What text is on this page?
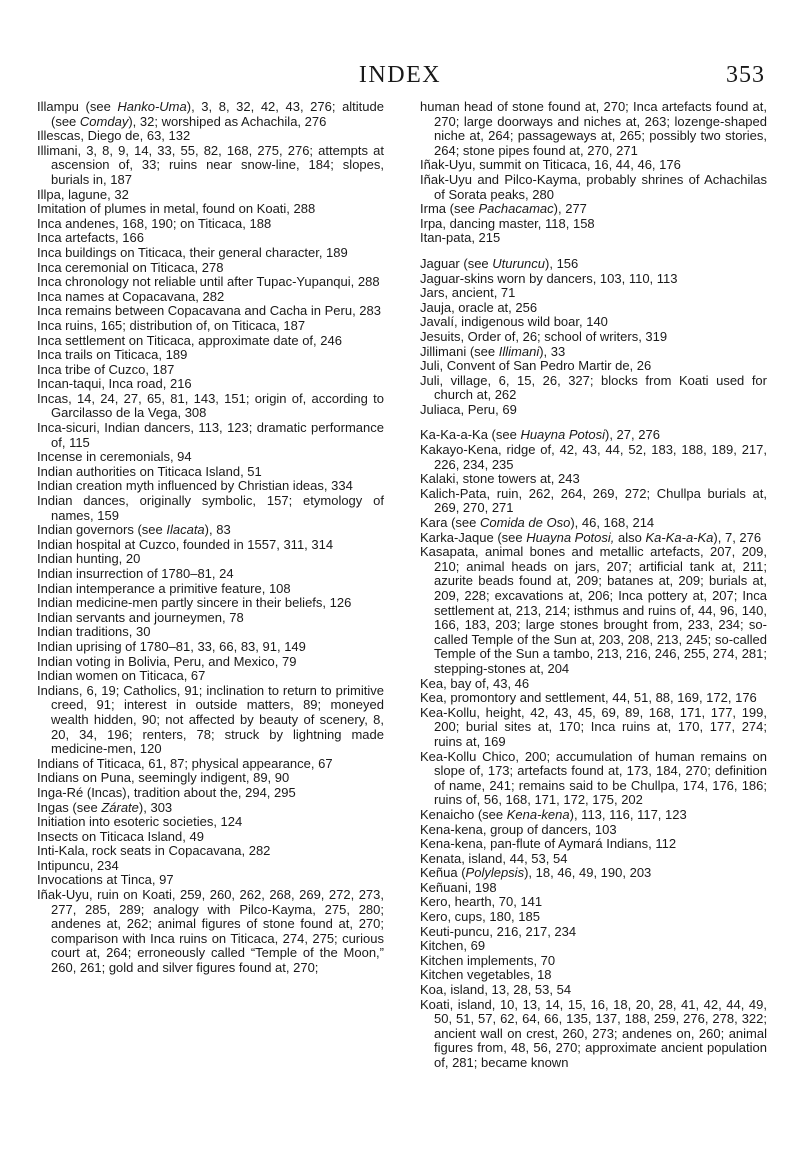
INDEX	353

Illampu (see Hanko-Uma), 3, 8, 32, 42, 43, 276; altitude (see Comday), 32; worshiped as Achachila, 276

Illescas, Diego de, 63, 132

Illimani, 3, 8, 9, 14, 33, 55, 82, 168, 275, 276; attempts at ascension of, 33; ruins near snow-line, 184; slopes, burials in, 187

Illpa, lagune, 32

Imitation of plumes in metal, found on Koati, 288

Inca andenes, 168, 190; on Titicaca, 188

Inca artefacts, 166

Inca buildings on Titicaca, their general character, 189

Inca ceremonial on Titicaca, 278

Inca chronology not reliable until after Tupac-Yupanqui, 288

Inca names at Copacavana, 282

Inca remains between Copacavana and Cacha in Peru, 283

Inca ruins, 165; distribution of, on Titicaca, 187

Inca settlement on Titicaca, approximate date of, 246

Inca trails on Titicaca, 189

Inca tribe of Cuzco, 187

Incan-taqui, Inca road, 216

Incas, 14, 24, 27, 65, 81, 143, 151; origin of, according to Garcilasso de la Vega, 308

Inca-sicuri, Indian dancers, 113, 123; dramatic performance of, 115

Incense in ceremonials, 94

Indian authorities on Titicaca Island, 51

Indian creation myth influenced by Christian ideas, 334

Indian dances, originally symbolic, 157; etymology of names, 159

Indian governors (see Ilacata), 83

Indian hospital at Cuzco, founded in 1557, 311, 314

Indian hunting, 20

Indian insurrection of 1780–81, 24

Indian intemperance a primitive feature, 108

Indian medicine-men partly sincere in their beliefs, 126

Indian servants and journeymen, 78

Indian traditions, 30

Indian uprising of 1780–81, 33, 66, 83, 91, 149

Indian voting in Bolivia, Peru, and Mexico, 79

Indian women on Titicaca, 67

Indians, 6, 19; Catholics, 91; inclination to return to primitive creed, 91; interest in outside matters, 89; moneyed wealth hidden, 90; not affected by beauty of scenery, 8, 20, 34, 196; renters, 78; struck by lightning made medicine-men, 120

Indians of Titicaca, 61, 87; physical appearance, 67

Indians on Puna, seemingly indigent, 89, 90

Inga-Ré (Incas), tradition about the, 294, 295

Ingas (see Zárate), 303

Initiation into esoteric societies, 124

Insects on Titicaca Island, 49

Inti-Kala, rock seats in Copacavana, 282

Intipuncu, 234

Invocations at Tinca, 97

Iñak-Uyu, ruin on Koati, 259, 260, 262, 268, 269, 272, 273, 277, 285, 289; analogy with Pilco-Kayma, 275, 280; andenes at, 262; animal figures of stone found at, 270; comparison with Inca ruins on Titicaca, 274, 275; curious court at, 264; erroneously called “Temple of the Moon,” 260, 261; gold and silver figures found at, 270;

human head of stone found at, 270; Inca artefacts found at, 270; large doorways and niches at, 263; lozenge-shaped niche at, 264; passageways at, 265; possibly two stories, 264; stone pipes found at, 270, 271

Iñak-Uyu, summit on Titicaca, 16, 44, 46, 176

Iñak-Uyu and Pilco-Kayma, probably shrines of Achachilas of Sorata peaks, 280

Irma (see Pachacamac), 277

Irpa, dancing master, 118, 158

Itan-pata, 215

Jaguar (see Uturuncu), 156

Jaguar-skins worn by dancers, 103, 110, 113

Jars, ancient, 71

Jauja, oracle at, 256

Javalí, indigenous wild boar, 140

Jesuits, Order of, 26; school of writers, 319

Jillimani (see Illimani), 33

Juli, Convent of San Pedro Martir de, 26

Juli, village, 6, 15, 26, 327; blocks from Koati used for church at, 262

Juliaca, Peru, 69

Ka-Ka-a-Ka (see Huayna Potosi), 27, 276

Kakayo-Kena, ridge of, 42, 43, 44, 52, 183, 188, 189, 217, 226, 234, 235

Kalaki, stone towers at, 243

Kalich-Pata, ruin, 262, 264, 269, 272; Chullpa burials at, 269, 270, 271

Kara (see Comida de Oso), 46, 168, 214

Karka-Jaque (see Huayna Potosi, also Ka-Ka-a-Ka), 7, 276

Kasapata, animal bones and metallic artefacts, 207, 209, 210; animal heads on jars, 207; artificial tank at, 211; azurite beads found at, 209; batanes at, 209; burials at, 209, 228; excavations at, 206; Inca pottery at, 207; Inca settlement at, 213, 214; isthmus and ruins of, 44, 96, 140, 166, 183, 203; large stones brought from, 233, 234; so-called Temple of the Sun at, 203, 208, 213, 245; so-called Temple of the Sun a tambo, 213, 216, 246, 255, 274, 281; stepping-stones at, 204

Kea, bay of, 43, 46

Kea, promontory and settlement, 44, 51, 88, 169, 172, 176

Kea-Kollu, height, 42, 43, 45, 69, 89, 168, 171, 177, 199, 200; burial sites at, 170; Inca ruins at, 170, 177, 274; ruins at, 169

Kea-Kollu Chico, 200; accumulation of human remains on slope of, 173; artefacts found at, 173, 184, 270; definition of name, 241; remains said to be Chullpa, 174, 176, 186; ruins of, 56, 168, 171, 172, 175, 202

Kenaicho (see Kena-kena), 113, 116, 117, 123

Kena-kena, group of dancers, 103

Kena-kena, pan-flute of Aymará Indians, 112

Kenata, island, 44, 53, 54

Keñua (Polylepsis), 18, 46, 49, 190, 203

Keñuani, 198

Kero, hearth, 70, 141

Kero, cups, 180, 185

Keuti-puncu, 216, 217, 234

Kitchen, 69

Kitchen implements, 70

Kitchen vegetables, 18

Koa, island, 13, 28, 53, 54

Koati, island, 10, 13, 14, 15, 16, 18, 20, 28, 41, 42, 44, 49, 50, 51, 57, 62, 64, 66, 135, 137, 188, 259, 276, 278, 322; ancient wall on crest, 260, 273; andenes on, 260; animal figures from, 48, 56, 270; approximate ancient population of, 281; became known
